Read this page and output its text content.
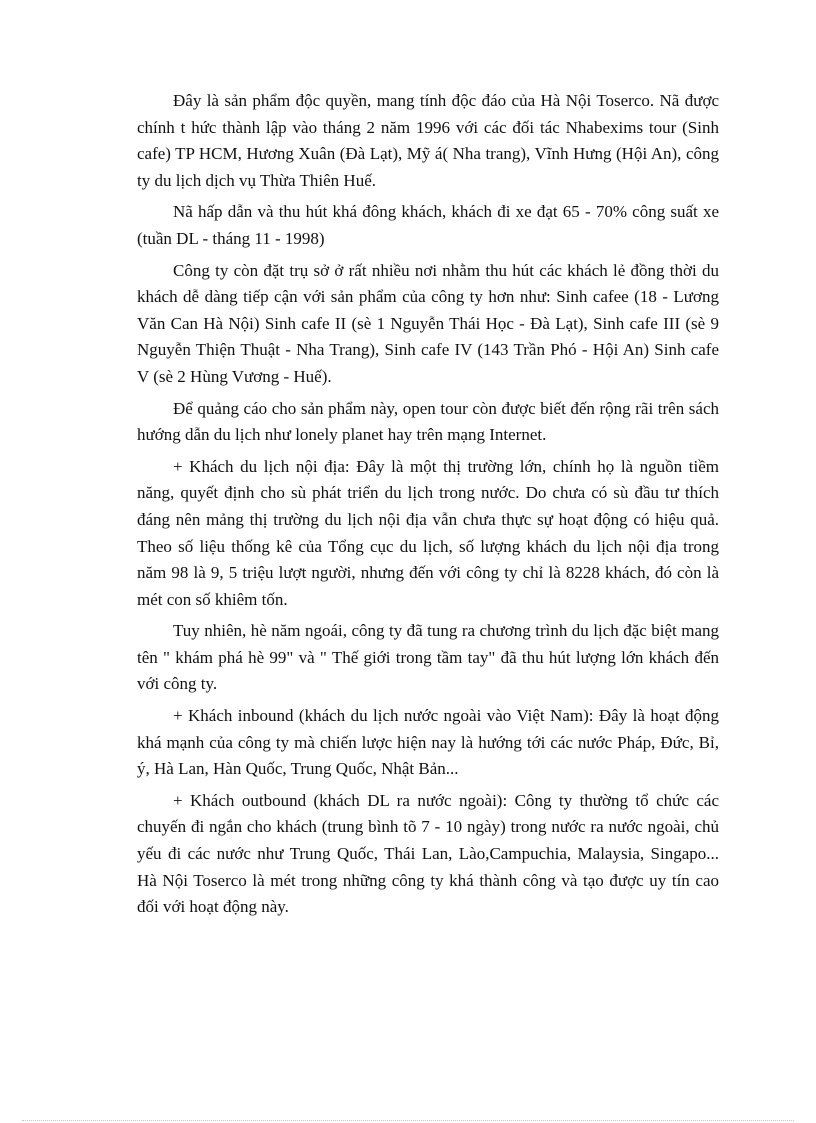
Đây là sản phẩm độc quyền, mang tính độc đáo của Hà Nội Toserco. Nã được chính t hức thành lập vào tháng 2 năm 1996 với các đối tác Nhabexims tour (Sinh cafe) TP HCM, Hương Xuân (Đà Lạt), Mỹ á( Nha trang), Vĩnh Hưng (Hội An), công ty du lịch dịch vụ Thừa Thiên Huế.

Nã hấp dẫn và thu hút khá đông khách, khách đi xe đạt 65 - 70% công suất xe (tuần DL - tháng 11 - 1998)

Công ty còn đặt trụ sở ở rất nhiều nơi nhằm thu hút các khách lẻ đồng thời du khách dễ dàng tiếp cận với sản phẩm của công ty hơn như: Sinh cafee (18 - Lương Văn Can Hà Nội) Sinh cafe II (sè 1 Nguyễn Thái Học - Đà Lạt), Sinh cafe III (sè 9 Nguyễn Thiện Thuật - Nha Trang), Sinh cafe IV (143 Trần Phó - Hội An) Sinh cafe V (sè 2 Hùng Vương - Huế).

Để quảng cáo cho sản phẩm này, open tour còn được biết đến rộng rãi trên sách hướng dẫn du lịch như lonely planet hay trên mạng Internet.

+ Khách du lịch nội địa: Đây là một thị trường lớn, chính họ là nguồn tiềm năng, quyết định cho sù phát triển du lịch trong nước. Do chưa có sù đầu tư thích đáng nên mảng thị trường du lịch nội địa vẫn chưa thực sự hoạt động có hiệu quả. Theo số liệu thống kê của Tổng cục du lịch, số lượng khách du lịch nội địa trong năm 98 là 9, 5 triệu lượt người, nhưng đến với công ty chỉ là 8228 khách, đó còn là mét con số khiêm tốn.

Tuy nhiên, hè năm ngoái, công ty đã tung ra chương trình du lịch đặc biệt mang tên " khám phá hè 99" và " Thế giới trong tầm tay" đã thu hút lượng lớn khách đến với công ty.

+ Khách inbound (khách du lịch nước ngoài vào Việt Nam): Đây là hoạt động khá mạnh của công ty mà chiến lược hiện nay là hướng tới các nước Pháp, Đức, Bỉ, ý, Hà Lan, Hàn Quốc, Trung Quốc, Nhật Bản...

+ Khách outbound (khách DL ra nước ngoài): Công ty thường tổ chức các chuyến đi ngắn cho khách (trung bình tõ 7 - 10 ngày) trong nước ra nước ngoài, chủ yếu đi các nước như Trung Quốc, Thái Lan, Lào,Campuchia, Malaysia, Singapo... Hà Nội Toserco là mét trong những công ty khá thành công và tạo được uy tín cao đối với hoạt động này.
